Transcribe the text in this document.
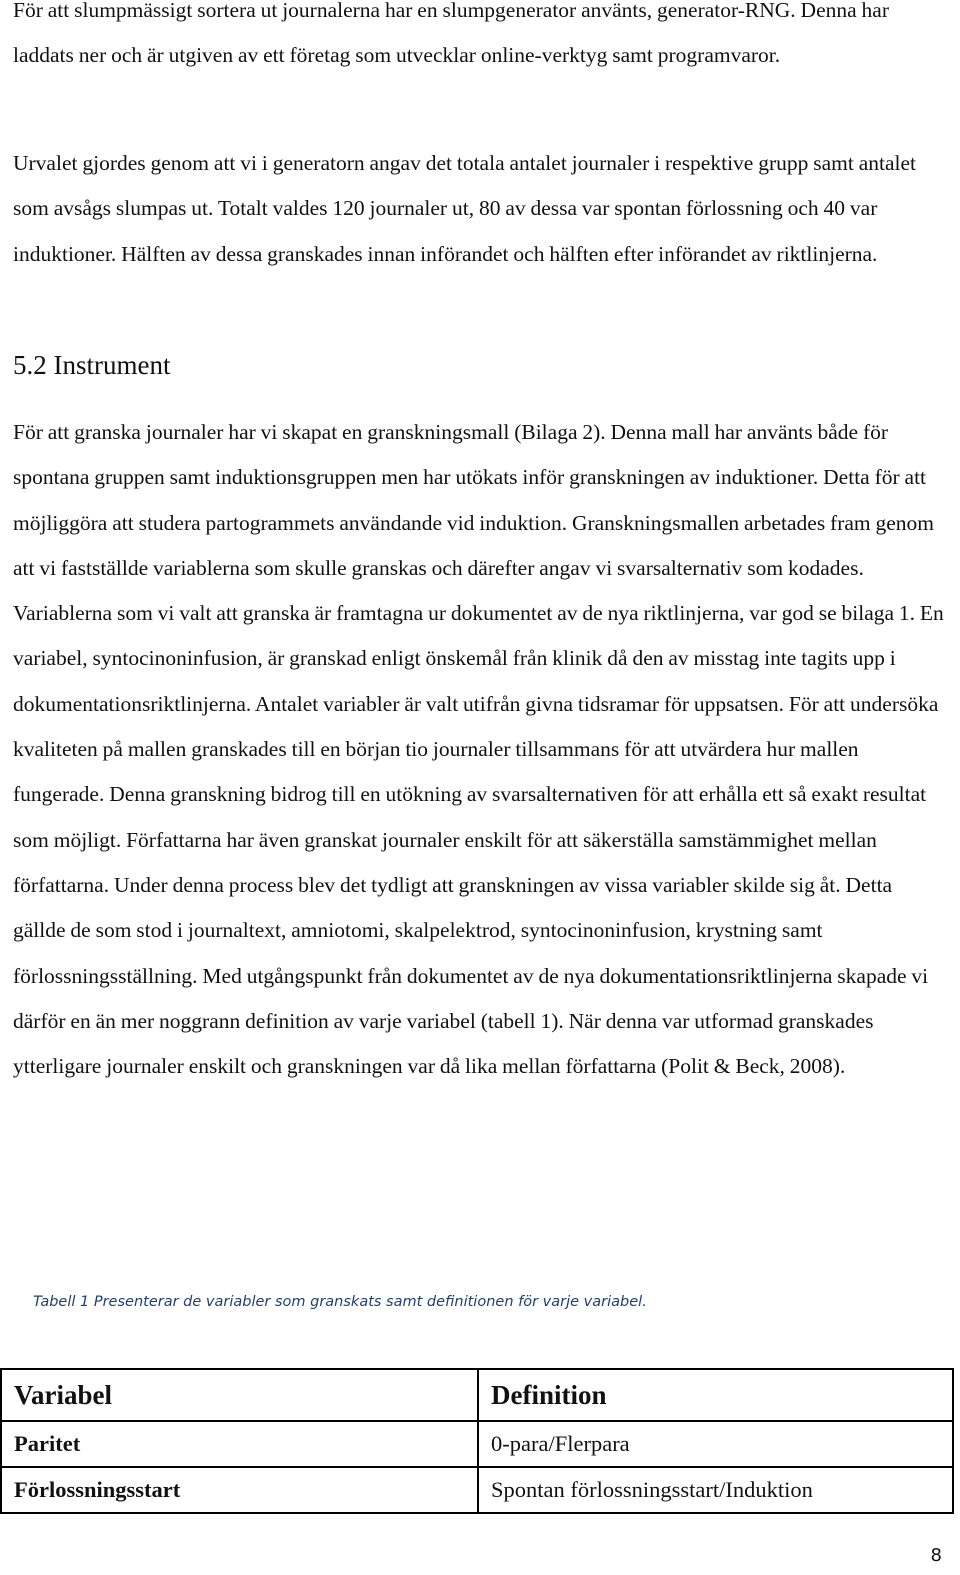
För att slumpmässigt sortera ut journalerna har en slumpgenerator använts, generator-RNG. Denna har laddats ner och är utgiven av ett företag som utvecklar online-verktyg samt programvaror.

Urvalet gjordes genom att vi i generatorn angav det totala antalet journaler i respektive grupp samt antalet som avsågs slumpas ut. Totalt valdes 120 journaler ut, 80 av dessa var spontan förlossning och 40 var induktioner. Hälften av dessa granskades innan införandet och hälften efter införandet av riktlinjerna.

5.2 Instrument

För att granska journaler har vi skapat en granskningsmall (Bilaga 2). Denna mall har använts både för spontana gruppen samt induktionsgruppen men har utökats inför granskningen av induktioner. Detta för att möjliggöra att studera partogrammets användande vid induktion. Granskningsmallen arbetades fram genom att vi fastställde variablerna som skulle granskas och därefter angav vi svarsalternativ som kodades. Variablerna som vi valt att granska är framtagna ur dokumentet av de nya riktlinjerna, var god se bilaga 1. En variabel, syntocinoninfusion, är granskad enligt önskemål från klinik då den av misstag inte tagits upp i dokumentationsriktlinjerna. Antalet variabler är valt utifrån givna tidsramar för uppsatsen. För att undersöka kvaliteten på mallen granskades till en början tio journaler tillsammans för att utvärdera hur mallen fungerade. Denna granskning bidrog till en utökning av svarsalternativen för att erhålla ett så exakt resultat som möjligt. Författarna har även granskat journaler enskilt för att säkerställa samstämmighet mellan författarna. Under denna process blev det tydligt att granskningen av vissa variabler skilde sig åt. Detta gällde de som stod i journaltext, amniotomi, skalpelektrod, syntocinoninfusion, krystning samt förlossningsställning. Med utgångspunkt från dokumentet av de nya dokumentationsriktlinjerna skapade vi därför en än mer noggrann definition av varje variabel (tabell 1). När denna var utformad granskades ytterligare journaler enskilt och granskningen var då lika mellan författarna (Polit & Beck, 2008).

Tabell 1 Presenterar de variabler som granskats samt definitionen för varje variabel.

Variabel	Definition
Paritet	0-para/Flerpara
Förlossningsstart	Spontan förlossningsstart/Induktion

8
